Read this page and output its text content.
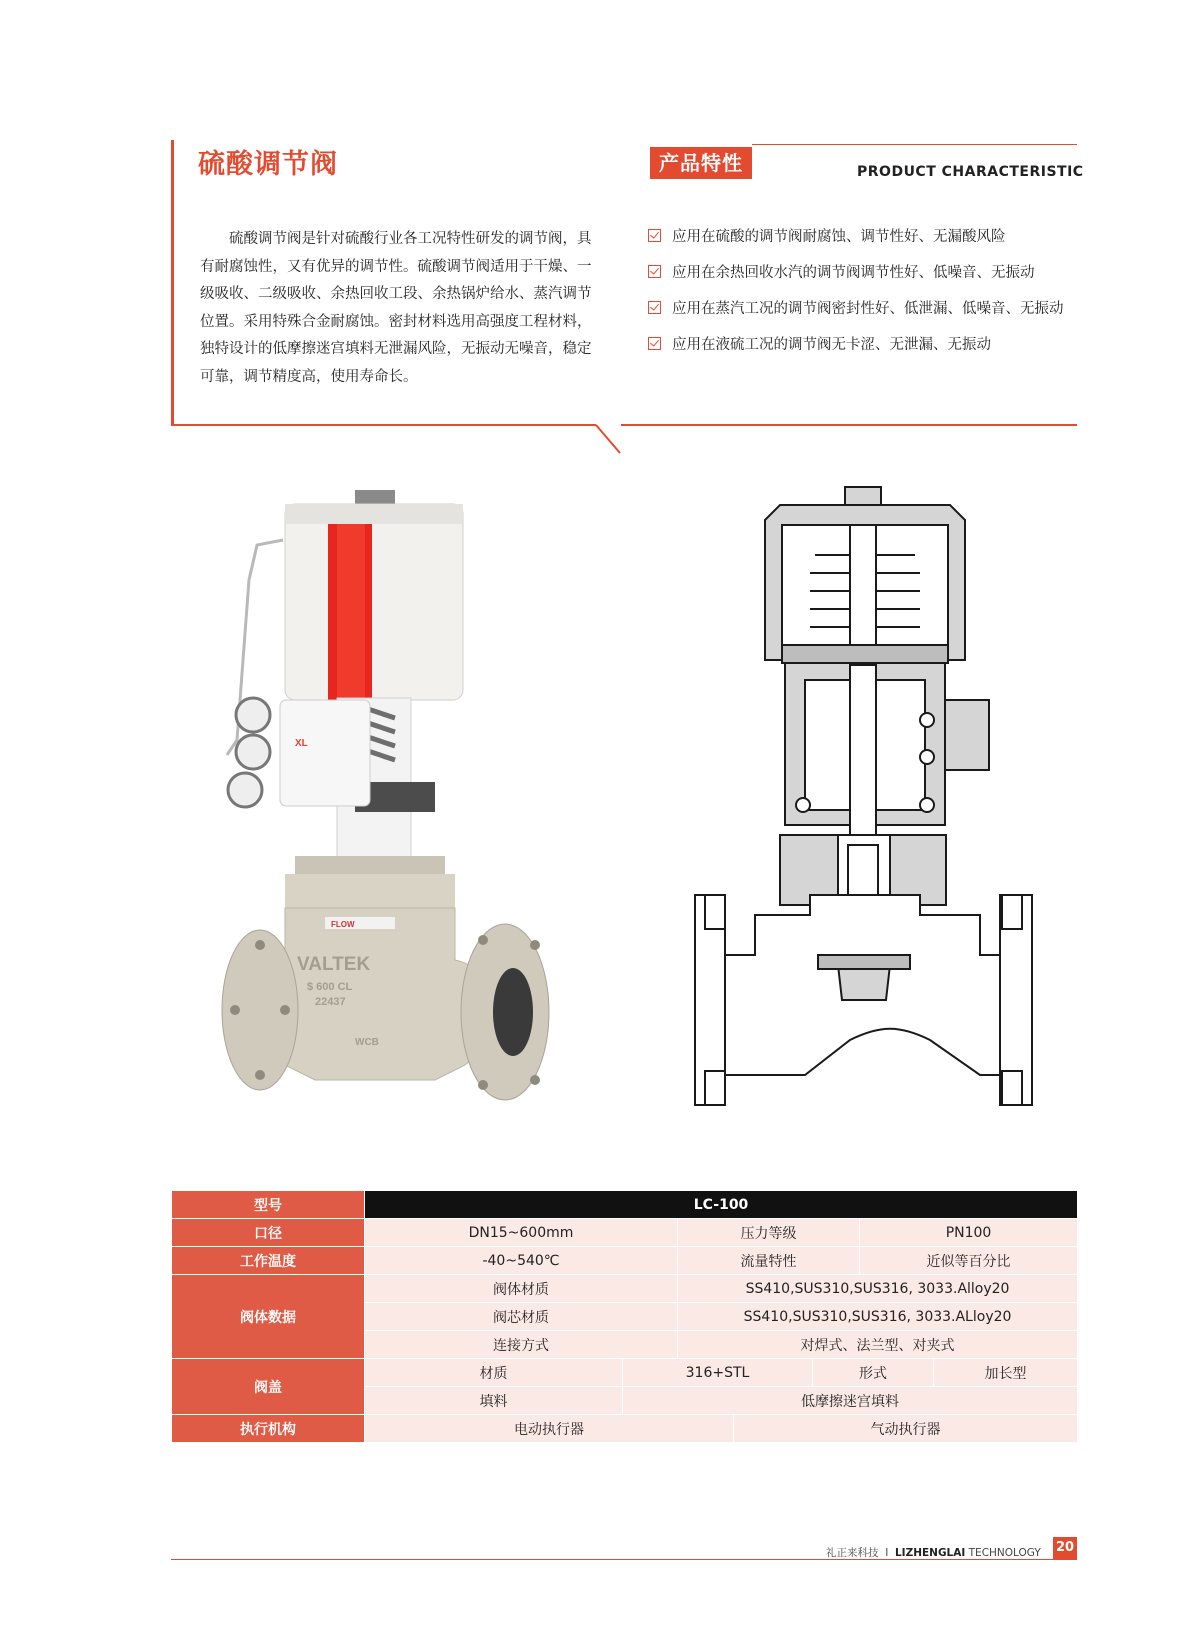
硫酸调节阀	产品特性	PRODUCT CHARACTERISTIC
硫酸调节阀是针对硫酸行业各工况特性研发的调节阀，具有耐腐蚀性，又有优异的调节性。硫酸调节阀适用于干燥、一级吸收、二级吸收、余热回收工段、余热锅炉给水、蒸汽调节位置。采用特殊合金耐腐蚀。密封材料选用高强度工程材料，独特设计的低摩擦迷宫填料无泄漏风险，无振动无噪音，稳定可靠，调节精度高，使用寿命长。
应用在硫酸的调节阀耐腐蚀、调节性好、无漏酸风险
应用在余热回收水汽的调节阀调节性好、低噪音、无振动
应用在蒸汽工况的调节阀密封性好、低泄漏、低噪音、无振动
应用在液硫工况的调节阀无卡涩、无泄漏、无振动
XL
FLOW
VALTEK
$ 600 CL
22437
WCB
型号	LC-100						
口径	DN15~600mm		压力等级			PN100	
工作温度	-40~540℃		流量特性			近似等百分比	
阀体数据	阀体材质		SS410,SUS310,SUS316, 3033.Alloy20				
	阀芯材质		SS410,SUS310,SUS316, 3033.ALloy20				
	连接方式		对焊式、法兰型、对夹式				
阀盖	材质	316+STL			形式		加长型
	填料	低摩擦迷宫填料					
执行机构	电动执行器			气动执行器			
礼正来科技 I LIZHENGLAI TECHNOLOGY 20
